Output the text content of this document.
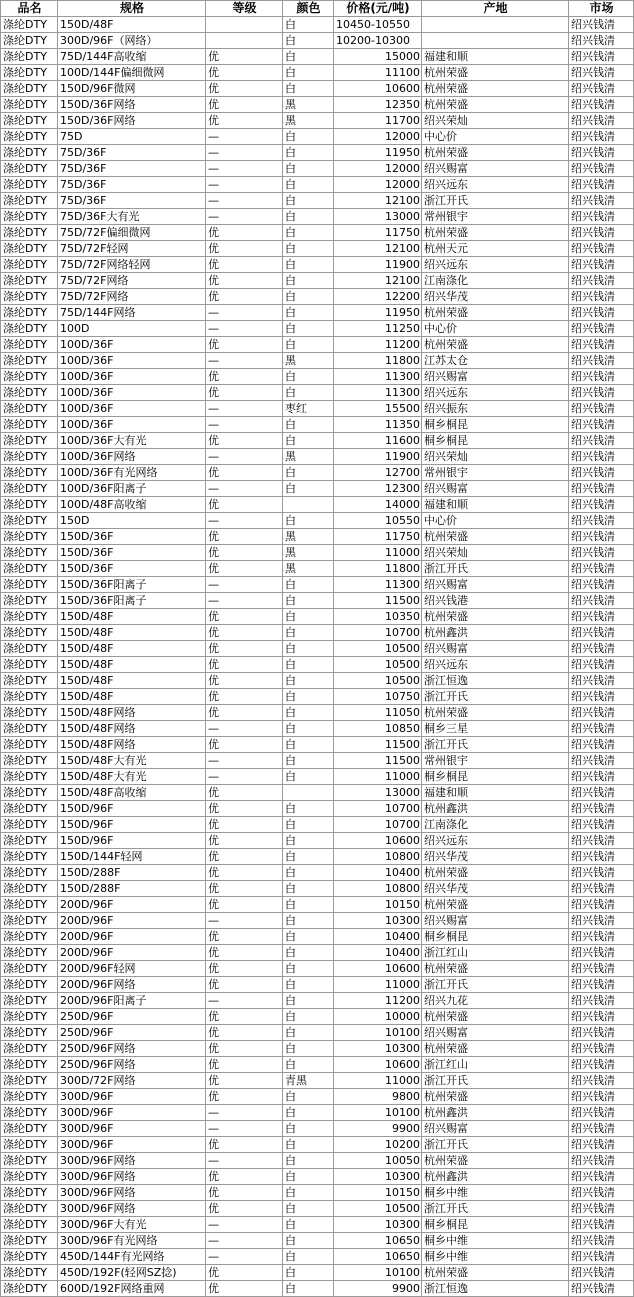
品名	规格	等级	颜色	价格(元/吨)	产地	市场
涤纶DTY	150D/48F		白	10450-10550		绍兴钱清
涤纶DTY	300D/96F（网络）		白	10200-10300		绍兴钱清
涤纶DTY	75D/144F高收缩	优	白	15000	福建和顺	绍兴钱清
涤纶DTY	100D/144F偏细微网	优	白	11100	杭州荣盛	绍兴钱清
涤纶DTY	150D/96F微网	优	白	10600	杭州荣盛	绍兴钱清
涤纶DTY	150D/36F网络	优	黑	12350	杭州荣盛	绍兴钱清
涤纶DTY	150D/36F网络	优	黑	11700	绍兴荣灿	绍兴钱清
涤纶DTY	75D	—	白	12000	中心价	绍兴钱清
涤纶DTY	75D/36F	—	白	11950	杭州荣盛	绍兴钱清
涤纶DTY	75D/36F	—	白	12000	绍兴赐富	绍兴钱清
涤纶DTY	75D/36F	—	白	12000	绍兴远东	绍兴钱清
涤纶DTY	75D/36F	—	白	12100	浙江开氏	绍兴钱清
涤纶DTY	75D/36F大有光	—	白	13000	常州银宇	绍兴钱清
涤纶DTY	75D/72F偏细微网	优	白	11750	杭州荣盛	绍兴钱清
涤纶DTY	75D/72F轻网	优	白	12100	杭州天元	绍兴钱清
涤纶DTY	75D/72F网络轻网	优	白	11900	绍兴远东	绍兴钱清
涤纶DTY	75D/72F网络	优	白	12100	江南涤化	绍兴钱清
涤纶DTY	75D/72F网络	优	白	12200	绍兴华茂	绍兴钱清
涤纶DTY	75D/144F网络	—	白	11950	杭州荣盛	绍兴钱清
涤纶DTY	100D	—	白	11250	中心价	绍兴钱清
涤纶DTY	100D/36F	优	白	11200	杭州荣盛	绍兴钱清
涤纶DTY	100D/36F	—	黑	11800	江苏太仓	绍兴钱清
涤纶DTY	100D/36F	优	白	11300	绍兴赐富	绍兴钱清
涤纶DTY	100D/36F	优	白	11300	绍兴远东	绍兴钱清
涤纶DTY	100D/36F	—	枣红	15500	绍兴振东	绍兴钱清
涤纶DTY	100D/36F	—	白	11350	桐乡桐昆	绍兴钱清
涤纶DTY	100D/36F大有光	优	白	11600	桐乡桐昆	绍兴钱清
涤纶DTY	100D/36F网络	—	黑	11900	绍兴荣灿	绍兴钱清
涤纶DTY	100D/36F有光网络	优	白	12700	常州银宇	绍兴钱清
涤纶DTY	100D/36F阳离子	—	白	12300	绍兴赐富	绍兴钱清
涤纶DTY	100D/48F高收缩	优		14000	福建和顺	绍兴钱清
涤纶DTY	150D	—	白	10550	中心价	绍兴钱清
涤纶DTY	150D/36F	优	黑	11750	杭州荣盛	绍兴钱清
涤纶DTY	150D/36F	优	黑	11000	绍兴荣灿	绍兴钱清
涤纶DTY	150D/36F	优	黑	11800	浙江开氏	绍兴钱清
涤纶DTY	150D/36F阳离子	—	白	11300	绍兴赐富	绍兴钱清
涤纶DTY	150D/36F阳离子	—	白	11500	绍兴钱港	绍兴钱清
涤纶DTY	150D/48F	优	白	10350	杭州荣盛	绍兴钱清
涤纶DTY	150D/48F	优	白	10700	杭州鑫洪	绍兴钱清
涤纶DTY	150D/48F	优	白	10500	绍兴赐富	绍兴钱清
涤纶DTY	150D/48F	优	白	10500	绍兴远东	绍兴钱清
涤纶DTY	150D/48F	优	白	10500	浙江恒逸	绍兴钱清
涤纶DTY	150D/48F	优	白	10750	浙江开氏	绍兴钱清
涤纶DTY	150D/48F网络	优	白	11050	杭州荣盛	绍兴钱清
涤纶DTY	150D/48F网络	—	白	10850	桐乡三星	绍兴钱清
涤纶DTY	150D/48F网络	优	白	11500	浙江开氏	绍兴钱清
涤纶DTY	150D/48F大有光	—	白	11500	常州银宇	绍兴钱清
涤纶DTY	150D/48F大有光	—	白	11000	桐乡桐昆	绍兴钱清
涤纶DTY	150D/48F高收缩	优		13000	福建和顺	绍兴钱清
涤纶DTY	150D/96F	优	白	10700	杭州鑫洪	绍兴钱清
涤纶DTY	150D/96F	优	白	10700	江南涤化	绍兴钱清
涤纶DTY	150D/96F	优	白	10600	绍兴远东	绍兴钱清
涤纶DTY	150D/144F轻网	优	白	10800	绍兴华茂	绍兴钱清
涤纶DTY	150D/288F	优	白	10400	杭州荣盛	绍兴钱清
涤纶DTY	150D/288F	优	白	10800	绍兴华茂	绍兴钱清
涤纶DTY	200D/96F	优	白	10150	杭州荣盛	绍兴钱清
涤纶DTY	200D/96F	—	白	10300	绍兴赐富	绍兴钱清
涤纶DTY	200D/96F	优	白	10400	桐乡桐昆	绍兴钱清
涤纶DTY	200D/96F	优	白	10400	浙江红山	绍兴钱清
涤纶DTY	200D/96F轻网	优	白	10600	杭州荣盛	绍兴钱清
涤纶DTY	200D/96F网络	优	白	11000	浙江开氏	绍兴钱清
涤纶DTY	200D/96F阳离子	—	白	11200	绍兴九花	绍兴钱清
涤纶DTY	250D/96F	优	白	10000	杭州荣盛	绍兴钱清
涤纶DTY	250D/96F	优	白	10100	绍兴赐富	绍兴钱清
涤纶DTY	250D/96F网络	优	白	10300	杭州荣盛	绍兴钱清
涤纶DTY	250D/96F网络	优	白	10600	浙江红山	绍兴钱清
涤纶DTY	300D/72F网络	优	青黑	11000	浙江开氏	绍兴钱清
涤纶DTY	300D/96F	优	白	9800	杭州荣盛	绍兴钱清
涤纶DTY	300D/96F	—	白	10100	杭州鑫洪	绍兴钱清
涤纶DTY	300D/96F	—	白	9900	绍兴赐富	绍兴钱清
涤纶DTY	300D/96F	优	白	10200	浙江开氏	绍兴钱清
涤纶DTY	300D/96F网络	—	白	10050	杭州荣盛	绍兴钱清
涤纶DTY	300D/96F网络	优	白	10300	杭州鑫洪	绍兴钱清
涤纶DTY	300D/96F网络	优	白	10150	桐乡中维	绍兴钱清
涤纶DTY	300D/96F网络	优	白	10500	浙江开氏	绍兴钱清
涤纶DTY	300D/96F大有光	—	白	10300	桐乡桐昆	绍兴钱清
涤纶DTY	300D/96F有光网络	—	白	10650	桐乡中维	绍兴钱清
涤纶DTY	450D/144F有光网络	—	白	10650	桐乡中维	绍兴钱清
涤纶DTY	450D/192F(轻网SZ捻)	优	白	10100	杭州荣盛	绍兴钱清
涤纶DTY	600D/192F网络重网	优	白	9900	浙江恒逸	绍兴钱清
